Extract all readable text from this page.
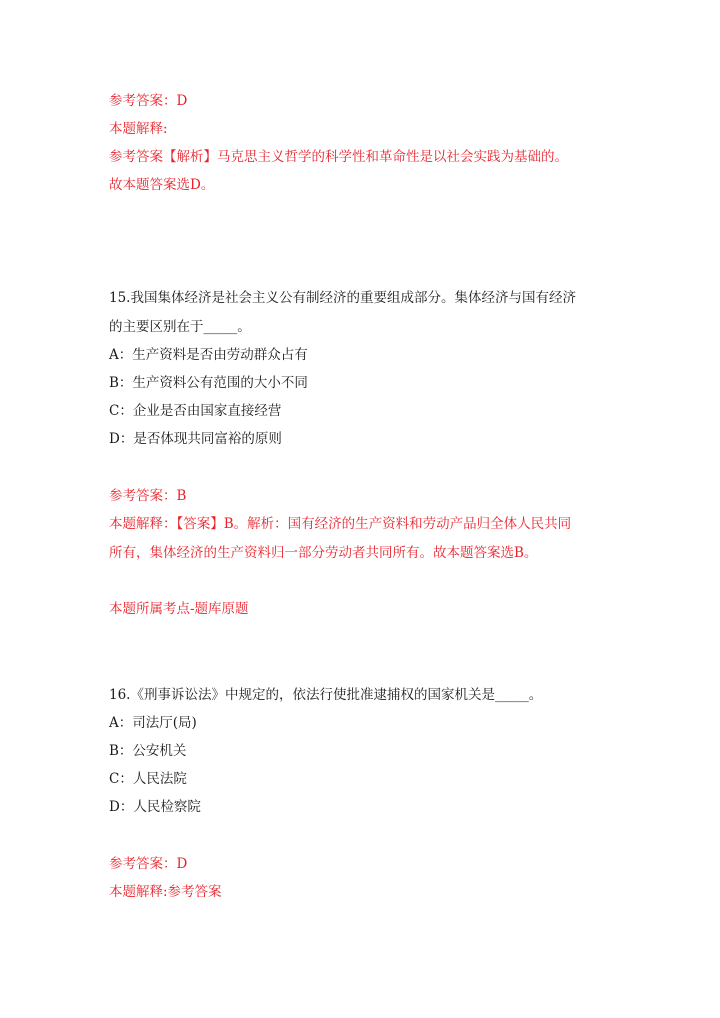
参考答案：D
本题解释:
参考答案【解析】马克思主义哲学的科学性和革命性是以社会实践为基础的。
故本题答案选D。
15.我国集体经济是社会主义公有制经济的重要组成部分。集体经济与国有经济
的主要区别在于_____。
A：生产资料是否由劳动群众占有
B：生产资料公有范围的大小不同
C：企业是否由国家直接经营
D：是否体现共同富裕的原则
参考答案：B
本题解释：【答案】B。解析：国有经济的生产资料和劳动产品归全体人民共同
所有，集体经济的生产资料归一部分劳动者共同所有。故本题答案选B。
本题所属考点-题库原题
16.《刑事诉讼法》中规定的，依法行使批准逮捕权的国家机关是_____。
A：司法厅(局)
B：公安机关
C：人民法院
D：人民检察院
参考答案：D
本题解释:参考答案
